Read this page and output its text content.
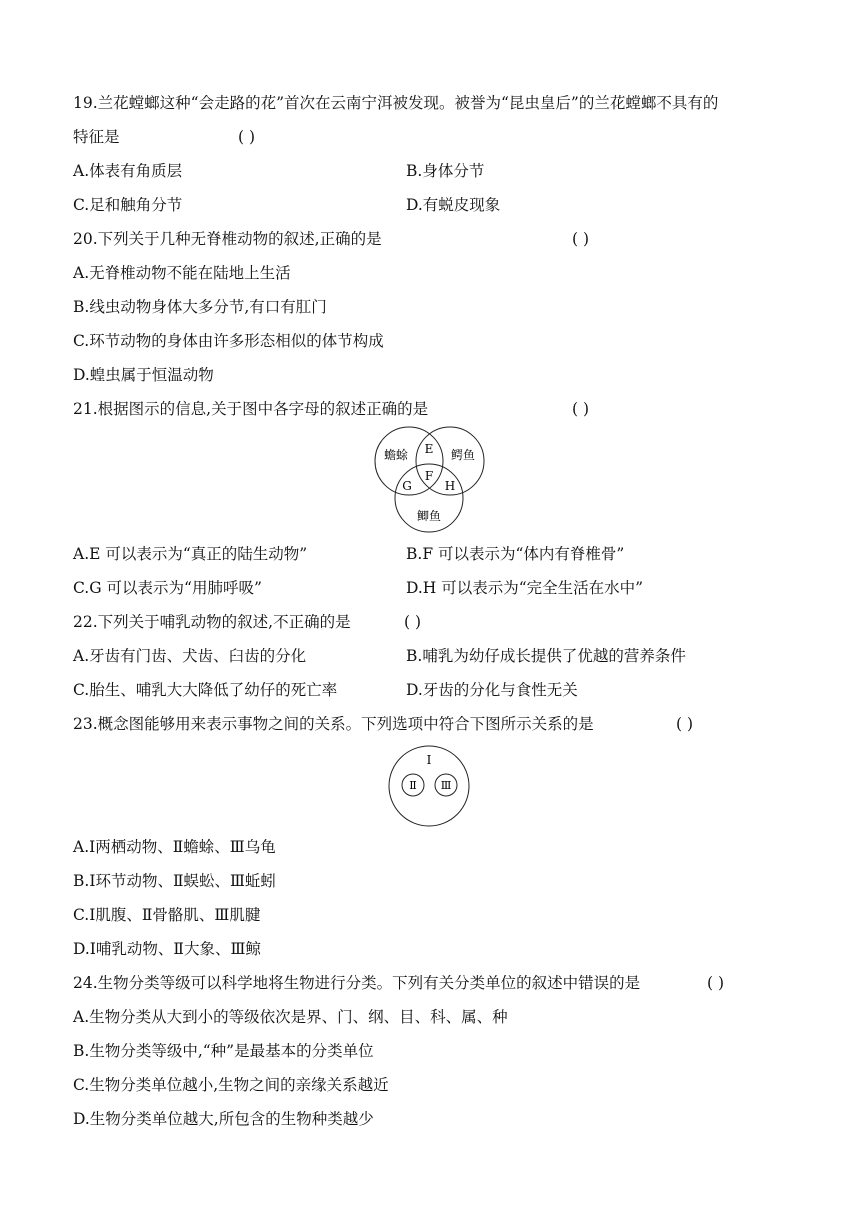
19.兰花螳螂这种“会走路的花”首次在云南宁洱被发现。被誉为“昆虫皇后”的兰花螳螂不具有的
特征是	( )
A.体表有角质层	B.身体分节
C.足和触角分节	D.有蜕皮现象
20.下列关于几种无脊椎动物的叙述,正确的是	( )
A.无脊椎动物不能在陆地上生活
B.线虫动物身体大多分节,有口有肛门
C.环节动物的身体由许多形态相似的体节构成
D.蝗虫属于恒温动物
21.根据图示的信息,关于图中各字母的叙述正确的是	( )
蟾蜍	鳄鱼
鲫鱼
E
F
G	H
A.E 可以表示为“真正的陆生动物”	B.F 可以表示为“体内有脊椎骨”
C.G 可以表示为“用肺呼吸”	D.H 可以表示为“完全生活在水中”
22.下列关于哺乳动物的叙述,不正确的是	( )
A.牙齿有门齿、犬齿、臼齿的分化	B.哺乳为幼仔成长提供了优越的营养条件
C.胎生、哺乳大大降低了幼仔的死亡率	D.牙齿的分化与食性无关
23.概念图能够用来表示事物之间的关系。下列选项中符合下图所示关系的是	( )
Ⅰ
Ⅱ Ⅲ
A.Ⅰ两栖动物、Ⅱ蟾蜍、Ⅲ乌龟
B.Ⅰ环节动物、Ⅱ蜈蚣、Ⅲ蚯蚓
C.Ⅰ肌腹、Ⅱ骨骼肌、Ⅲ肌腱
D.Ⅰ哺乳动物、Ⅱ大象、Ⅲ鲸
24.生物分类等级可以科学地将生物进行分类。下列有关分类单位的叙述中错误的是	( )
A.生物分类从大到小的等级依次是界、门、纲、目、科、属、种
B.生物分类等级中,“种”是最基本的分类单位
C.生物分类单位越小,生物之间的亲缘关系越近
D.生物分类单位越大,所包含的生物种类越少
